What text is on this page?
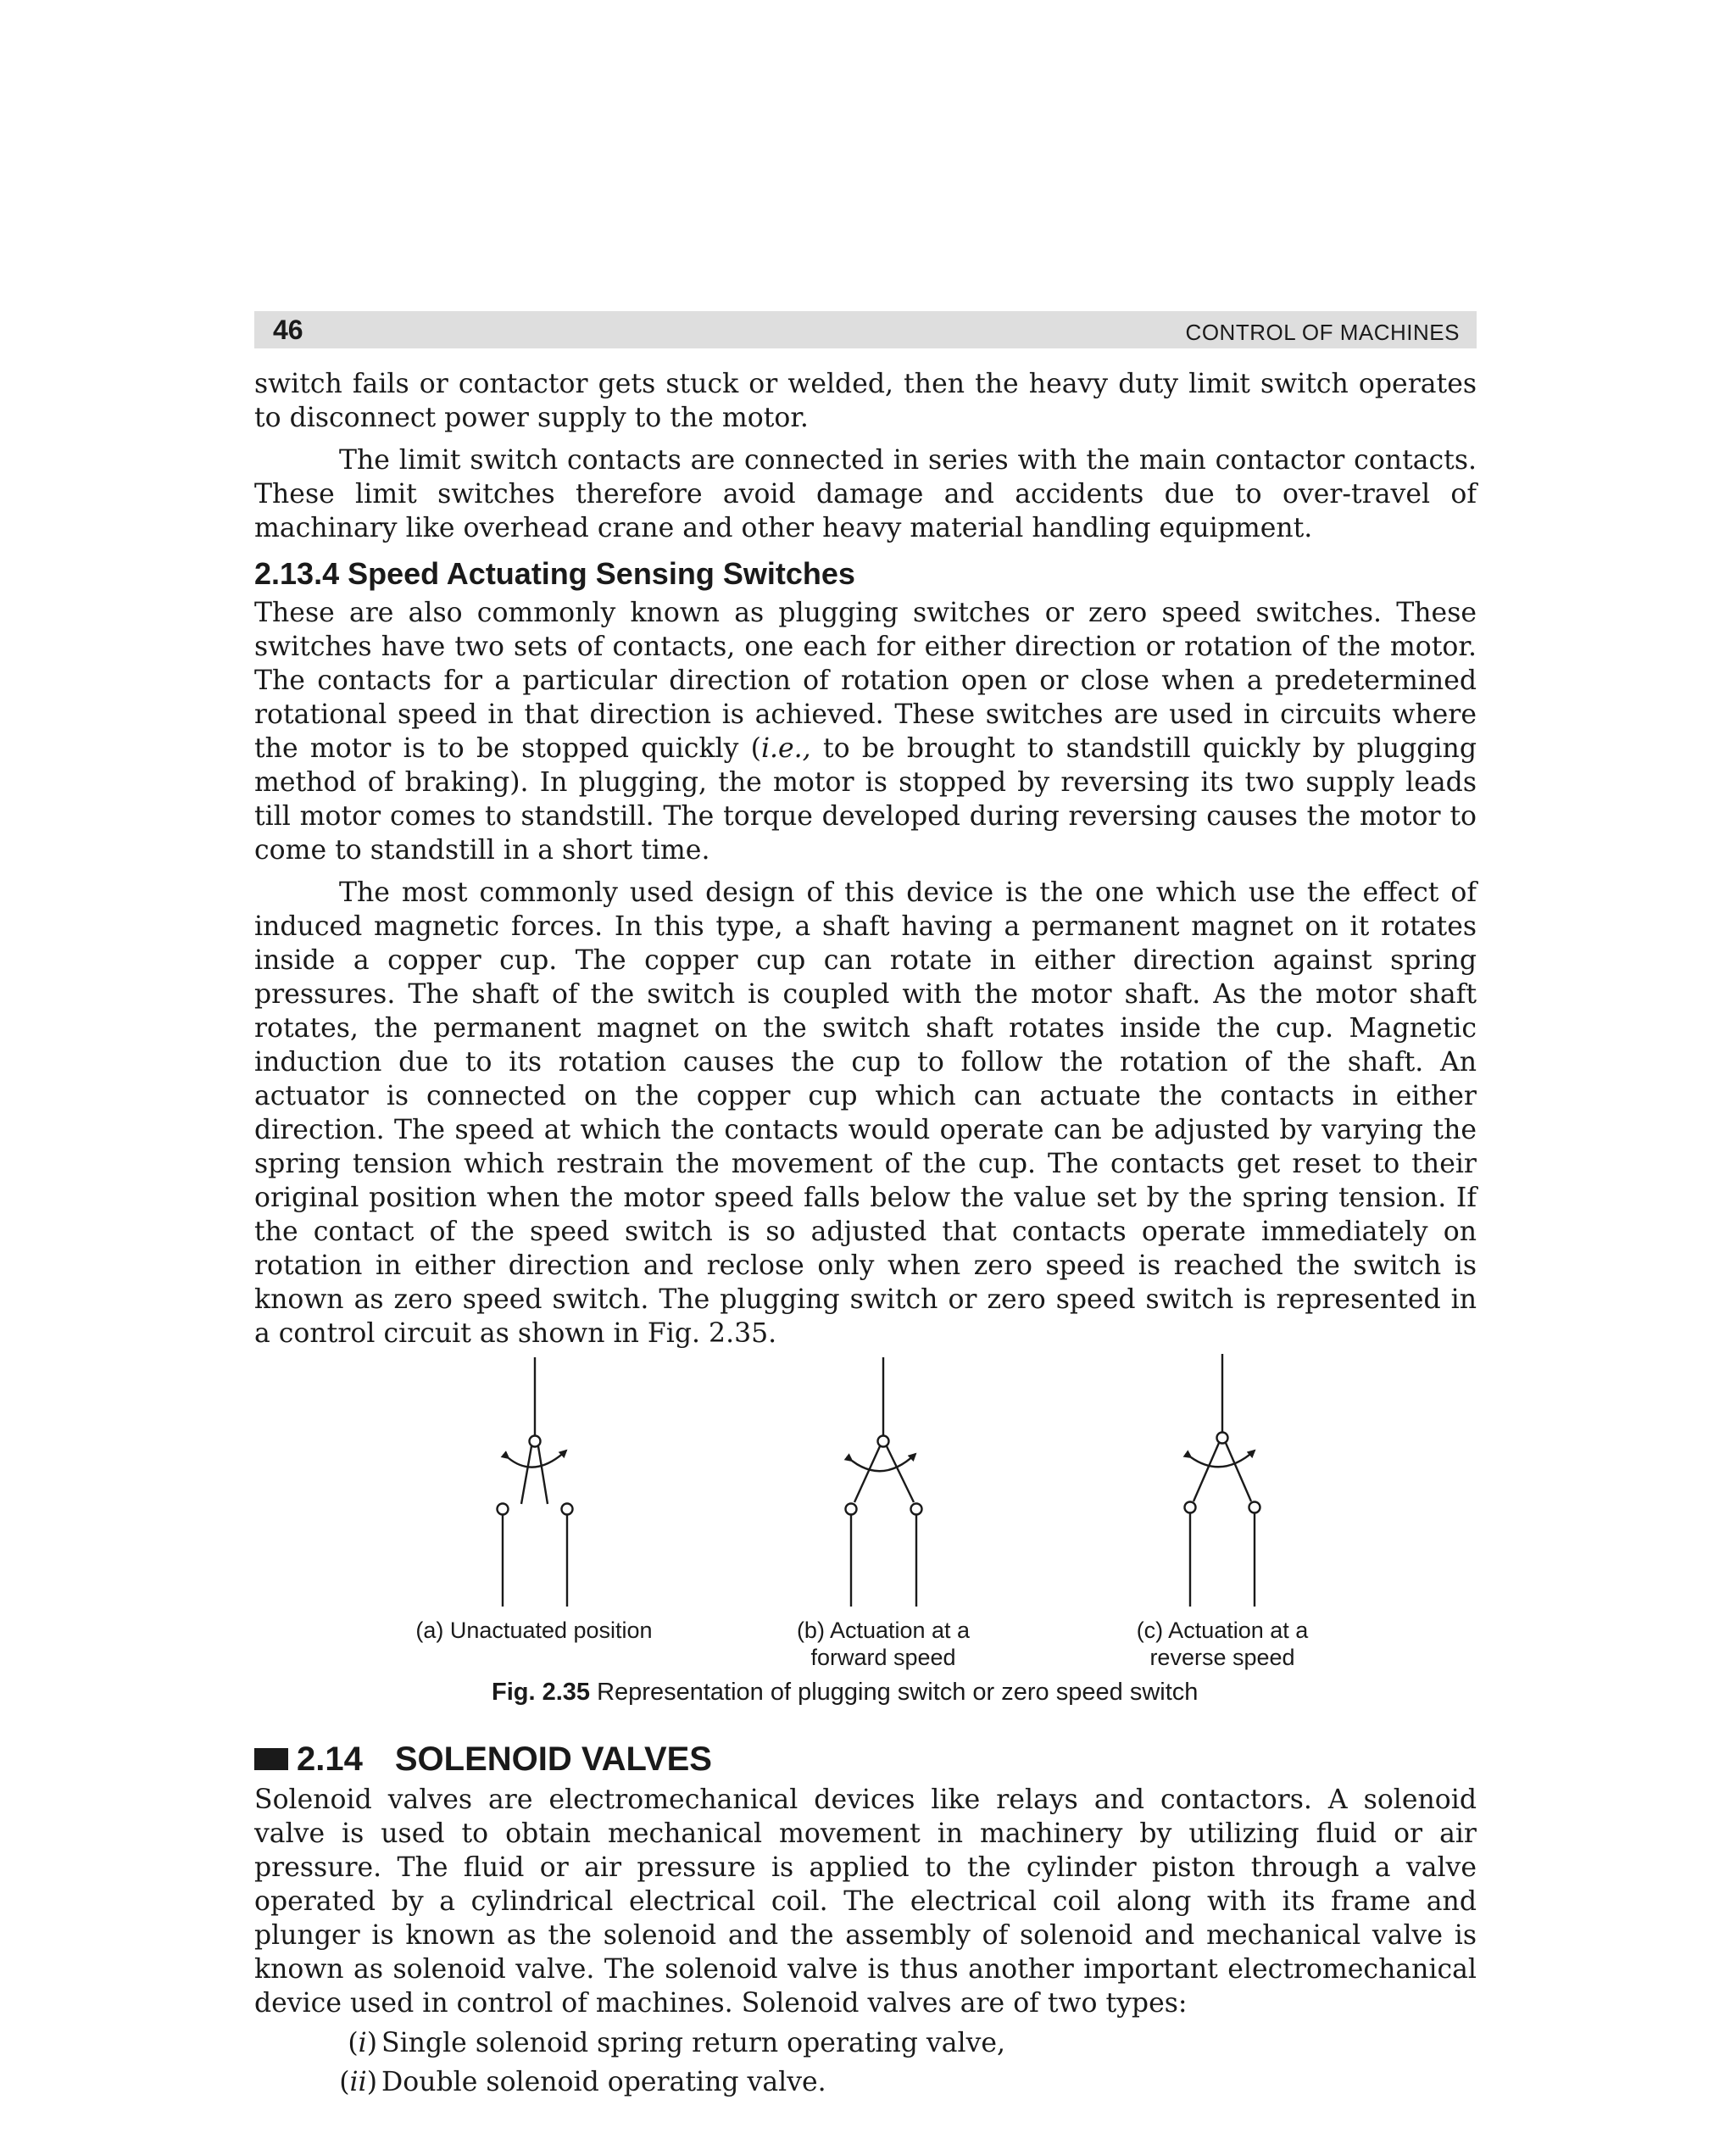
46	CONTROL OF MACHINES

switch fails or contactor gets stuck or welded, then the heavy duty limit switch operates to disconnect power supply to the motor.

The limit switch contacts are connected in series with the main contactor contacts. These limit switches therefore avoid damage and accidents due to over-travel of machinary like overhead crane and other heavy material handling equipment.

2.13.4 Speed Actuating Sensing Switches

These are also commonly known as plugging switches or zero speed switches. These switches have two sets of contacts, one each for either direction or rotation of the motor. The contacts for a particular direction of rotation open or close when a predetermined rotational speed in that direction is achieved. These switches are used in circuits where the motor is to be stopped quickly (i.e., to be brought to standstill quickly by plugging method of braking). In plugging, the motor is stopped by reversing its two supply leads till motor comes to standstill. The torque developed during reversing causes the motor to come to standstill in a short time.

The most commonly used design of this device is the one which use the effect of induced magnetic forces. In this type, a shaft having a permanent magnet on it rotates inside a copper cup. The copper cup can rotate in either direction against spring pressures. The shaft of the switch is coupled with the motor shaft. As the motor shaft rotates, the permanent magnet on the switch shaft rotates inside the cup. Magnetic induction due to its rotation causes the cup to follow the rotation of the shaft. An actuator is connected on the copper cup which can actuate the contacts in either direction. The speed at which the contacts would operate can be adjusted by varying the spring tension which restrain the movement of the cup. The contacts get reset to their original position when the motor speed falls below the value set by the spring tension. If the contact of the speed switch is so adjusted that contacts operate immediately on rotation in either direction and reclose only when zero speed is reached the switch is known as zero speed switch. The plugging switch or zero speed switch is represented in a control circuit as shown in Fig. 2.35.

(a) Unactuated position	(b) Actuation at a
forward speed
(c) Actuation at a
reverse speed
Fig. 2.35 Representation of plugging switch or zero speed switch
2.14 SOLENOID VALVES

Solenoid valves are electromechanical devices like relays and contactors. A solenoid valve is used to obtain mechanical movement in machinery by utilizing fluid or air pressure. The fluid or air pressure is applied to the cylinder piston through a valve operated by a cylindrical electrical coil. The electrical coil along with its frame and plunger is known as the solenoid and the assembly of solenoid and mechanical valve is known as solenoid valve. The solenoid valve is thus another important electromechanical device used in control of machines. Solenoid valves are of two types:

(i) Single solenoid spring return operating valve,
(ii) Double solenoid operating valve.
